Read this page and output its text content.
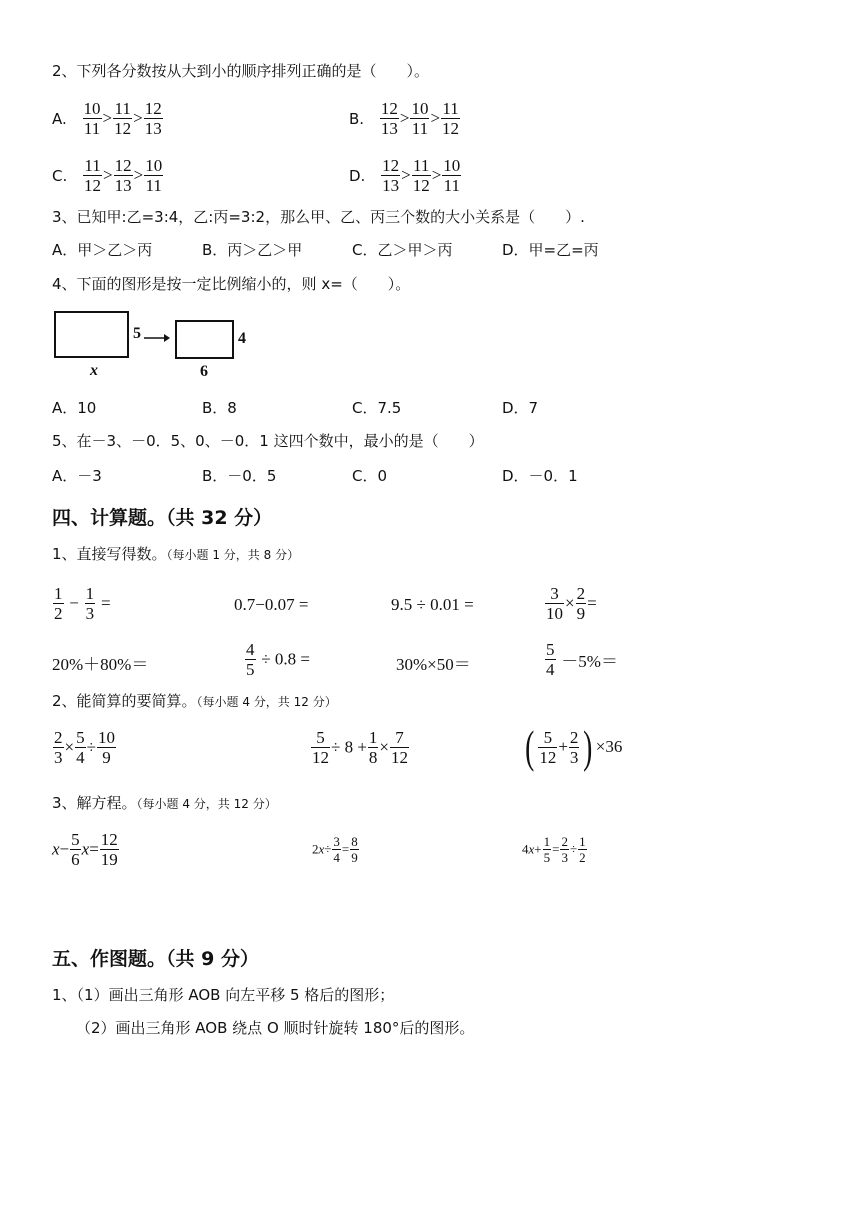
2、下列各分数按从大到小的顺序排列正确的是（　　）。
A. $\frac{10}{11} > \frac{11}{12} > \frac{12}{13}$	B. $\frac{12}{13} > \frac{10}{11} > \frac{11}{12}$
C. $\frac{11}{12} > \frac{12}{13} > \frac{10}{11}$	D. $\frac{12}{13} > \frac{11}{12} > \frac{10}{11}$
3、已知甲:乙=3:4，乙:丙=3:2，那么甲、乙、丙三个数的大小关系是（　　）.
A．甲＞乙＞丙	B．丙＞乙＞甲	C．乙＞甲＞丙	D．甲=乙=丙
4、下面的图形是按一定比例缩小的，则 x=（　　）。
5
x
4
6
A．10	B．8	C．7.5	D．7
5、在－3、－0．5、0、－0．1 这四个数中，最小的是（　　）
A．－3	B．－0．5	C．0	D．－0．1
四、计算题。（共 32 分）
1、直接写得数。（每小题 1 分，共 8 分）
$\frac{1}{2} - \frac{1}{3}$ =	0.7−0.07 =	9.5 ÷ 0.01 =	$\frac{3}{10} \times \frac{2}{9}$ =
20%＋80%＝	$\frac{4}{5} \div 0.8$ =	30%×50＝	$\frac{5}{4} -5\%=$
2、能简算的要简算。（每小题 4 分，共 12 分）
$\frac{2}{3} \times \frac{5}{4} \div \frac{10}{9}$	$\frac{5}{12} \div 8 + \frac{1}{8} \times \frac{7}{12}$	( $\frac{5}{12} + \frac{2}{3}$ ) ×36
3、解方程。（每小题 4 分，共 12 分）
$x- \frac{5}{6} x= \frac{12}{19}$	$2x\div \frac{3}{4} = \frac{8}{9}$	$4x+ \frac{1}{5} = \frac{2}{3} \div \frac{1}{2}$
五、作图题。（共 9 分）
1、（1）画出三角形 AOB 向左平移 5 格后的图形；
（2）画出三角形 AOB 绕点 O 顺时针旋转 180°后的图形。
